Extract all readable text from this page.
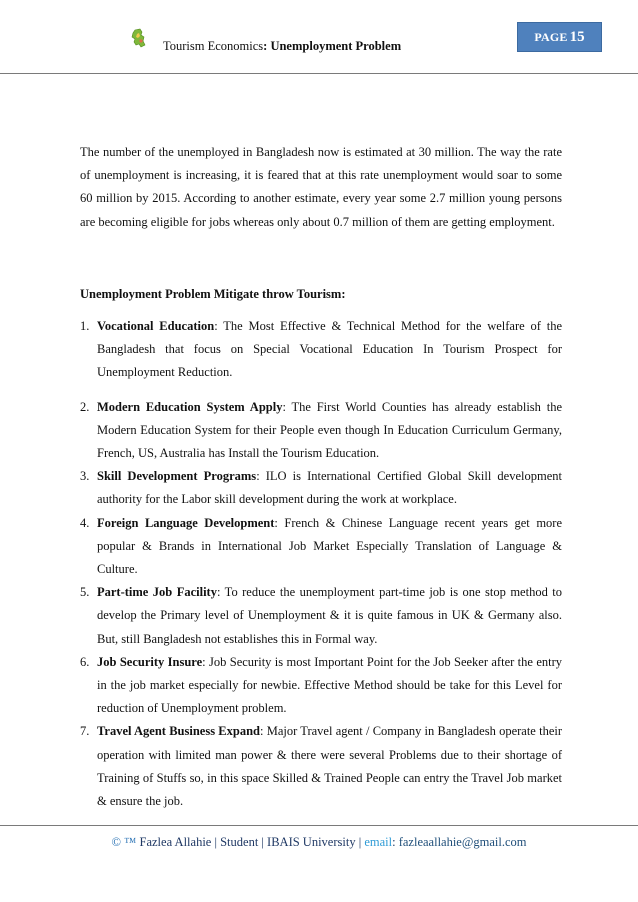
Tourism Economics: Unemployment Problem
PAGE 15

The number of the unemployed in Bangladesh now is estimated at 30 million. The way the rate of unemployment is increasing, it is feared that at this rate unemployment would soar to some 60 million by 2015. According to another estimate, every year some 2.7 million young persons are becoming eligible for jobs whereas only about 0.7 million of them are getting employment.

Unemployment Problem Mitigate throw Tourism:
1. Vocational Education: The Most Effective & Technical Method for the welfare of the Bangladesh that focus on Special Vocational Education In Tourism Prospect for Unemployment Reduction.
2. Modern Education System Apply: The First World Counties has already establish the Modern Education System for their People even though In Education Curriculum Germany, French, US, Australia has Install the Tourism Education.
3. Skill Development Programs: ILO is International Certified Global Skill development authority for the Labor skill development during the work at workplace.
4. Foreign Language Development: French & Chinese Language recent years get more popular & Brands in International Job Market Especially Translation of Language & Culture.
5. Part-time Job Facility: To reduce the unemployment part-time job is one stop method to develop the Primary level of Unemployment & it is quite famous in UK & Germany also. But, still Bangladesh not establishes this in Formal way.
6. Job Security Insure: Job Security is most Important Point for the Job Seeker after the entry in the job market especially for newbie. Effective Method should be take for this Level for reduction of Unemployment problem.
7. Travel Agent Business Expand: Major Travel agent / Company in Bangladesh operate their operation with limited man power & there were several Problems due to their shortage of Training of Stuffs so, in this space Skilled & Trained People can entry the Travel Job market & ensure the job.
© ™ Fazlea Allahie | Student | IBAIS University | email: fazleaallahie@gmail.com
